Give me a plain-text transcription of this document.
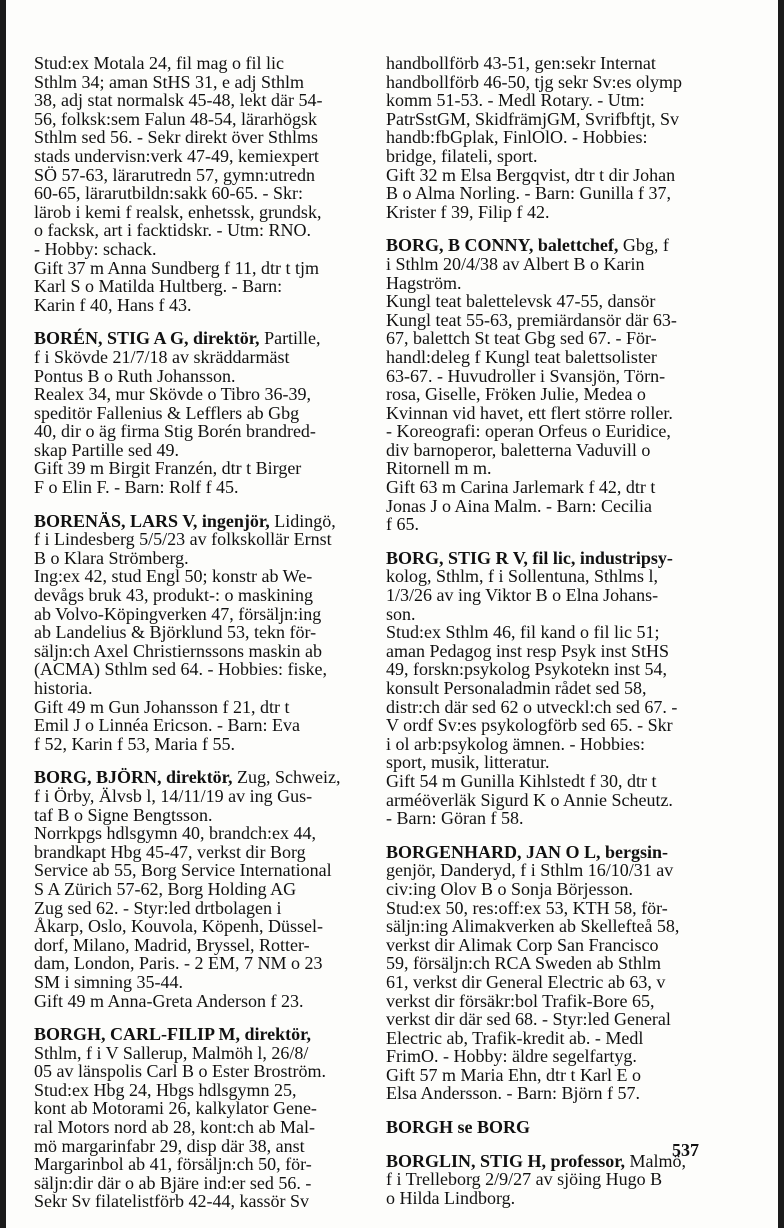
Stud:ex Motala 24, fil mag o fil lic
Sthlm 34; aman StHS 31, e adj Sthlm
38, adj stat normalsk 45-48, lekt där 54-
56, folksk:sem Falun 48-54, lärarhögsk
Sthlm sed 56. - Sekr direkt över Sthlms
stads undervisn:verk 47-49, kemiexpert
SÖ 57-63, lärarutredn 57, gymn:utredn
60-65, lärarutbildn:sakk 60-65. - Skr:
lärob i kemi f realsk, enhetssk, grundsk,
o facksk, art i facktidskr. - Utm: RNO.
- Hobby: schack.
Gift 37 m Anna Sundberg f 11, dtr t tjm
Karl S o Matilda Hultberg. - Barn:
Karin f 40, Hans f 43.
BORÉN, STIG A G, direktör, Partille,
f i Skövde 21/7/18 av skräddarmäst
Pontus B o Ruth Johansson.
Realex 34, mur Skövde o Tibro 36-39,
speditör Fallenius & Lefflers ab Gbg
40, dir o äg firma Stig Borén brandred-
skap Partille sed 49.
Gift 39 m Birgit Franzén, dtr t Birger
F o Elin F. - Barn: Rolf f 45.
BORENÄS, LARS V, ingenjör, Lidingö,
f i Lindesberg 5/5/23 av folkskollär Ernst
B o Klara Strömberg.
Ing:ex 42, stud Engl 50; konstr ab We-
devågs bruk 43, produkt-: o maskining
ab Volvo-Köpingverken 47, försäljn:ing
ab Landelius & Björklund 53, tekn för-
säljn:ch Axel Christiernssons maskin ab
(ACMA) Sthlm sed 64. - Hobbies: fiske,
historia.
Gift 49 m Gun Johansson f 21, dtr t
Emil J o Linnéa Ericson. - Barn: Eva
f 52, Karin f 53, Maria f 55.
BORG, BJÖRN, direktör, Zug, Schweiz,
f i Örby, Älvsb l, 14/11/19 av ing Gus-
taf B o Signe Bengtsson.
Norrkpgs hdlsgymn 40, brandch:ex 44,
brandkapt Hbg 45-47, verkst dir Borg
Service ab 55, Borg Service International
S A Zürich 57-62, Borg Holding AG
Zug sed 62. - Styr:led drtbolagen i
Åkarp, Oslo, Kouvola, Köpenh, Düssel-
dorf, Milano, Madrid, Bryssel, Rotter-
dam, London, Paris. - 2 EM, 7 NM o 23
SM i simning 35-44.
Gift 49 m Anna-Greta Anderson f 23.
BORGH, CARL-FILIP M, direktör,
Sthlm, f i V Sallerup, Malmöh l, 26/8/
05 av länspolis Carl B o Ester Broström.
Stud:ex Hbg 24, Hbgs hdlsgymn 25,
kont ab Motorami 26, kalkylator Gene-
ral Motors nord ab 28, kont:ch ab Mal-
mö margarinfabr 29, disp där 38, anst
Margarinbol ab 41, försäljn:ch 50, för-
säljn:dir där o ab Bjäre ind:er sed 56. -
Sekr Sv filatelistförb 42-44, kassör Sv
handbollförb 43-51, gen:sekr Internat
handbollförb 46-50, tjg sekr Sv:es olymp
komm 51-53. - Medl Rotary. - Utm:
PatrSstGM, SkidfrämjGM, Svrifbftjt, Sv
handb:fbGplak, FinlOlO. - Hobbies:
bridge, filateli, sport.
Gift 32 m Elsa Bergqvist, dtr t dir Johan
B o Alma Norling. - Barn: Gunilla f 37,
Krister f 39, Filip f 42.
BORG, B CONNY, balettchef, Gbg, f
i Sthlm 20/4/38 av Albert B o Karin
Hagström.
Kungl teat balettelevsk 47-55, dansör
Kungl teat 55-63, premiärdansör där 63-
67, balettch St teat Gbg sed 67. - För-
handl:deleg f Kungl teat balettsolister
63-67. - Huvudroller i Svansjön, Törn-
rosa, Giselle, Fröken Julie, Medea o
Kvinnan vid havet, ett flert större roller.
- Koreografi: operan Orfeus o Euridice,
div barnoperor, baletterna Vaduvill o
Ritornell m m.
Gift 63 m Carina Jarlemark f 42, dtr t
Jonas J o Aina Malm. - Barn: Cecilia
f 65.
BORG, STIG R V, fil lic, industripsy-
kolog, Sthlm, f i Sollentuna, Sthlms l,
1/3/26 av ing Viktor B o Elna Johans-
son.
Stud:ex Sthlm 46, fil kand o fil lic 51;
aman Pedagog inst resp Psyk inst StHS
49, forskn:psykolog Psykotekn inst 54,
konsult Personaladmin rådet sed 58,
distr:ch där sed 62 o utveckl:ch sed 67. -
V ordf Sv:es psykologförb sed 65. - Skr
i ol arb:psykolog ämnen. - Hobbies:
sport, musik, litteratur.
Gift 54 m Gunilla Kihlstedt f 30, dtr t
arméöverläk Sigurd K o Annie Scheutz.
- Barn: Göran f 58.
BORGENHARD, JAN O L, bergsin-
genjör, Danderyd, f i Sthlm 16/10/31 av
civ:ing Olov B o Sonja Börjesson.
Stud:ex 50, res:off:ex 53, KTH 58, för-
säljn:ing Alimakverken ab Skellefteå 58,
verkst dir Alimak Corp San Francisco
59, försäljn:ch RCA Sweden ab Sthlm
61, verkst dir General Electric ab 63, v
verkst dir försäkr:bol Trafik-Bore 65,
verkst dir där sed 68. - Styr:led General
Electric ab, Trafik-kredit ab. - Medl
FrimO. - Hobby: äldre segelfartyg.
Gift 57 m Maria Ehn, dtr t Karl E o
Elsa Andersson. - Barn: Björn f 57.
BORGH se BORG
BORGLIN, STIG H, professor, Malmö,
f i Trelleborg 2/9/27 av sjöing Hugo B
o Hilda Lindborg.
537
